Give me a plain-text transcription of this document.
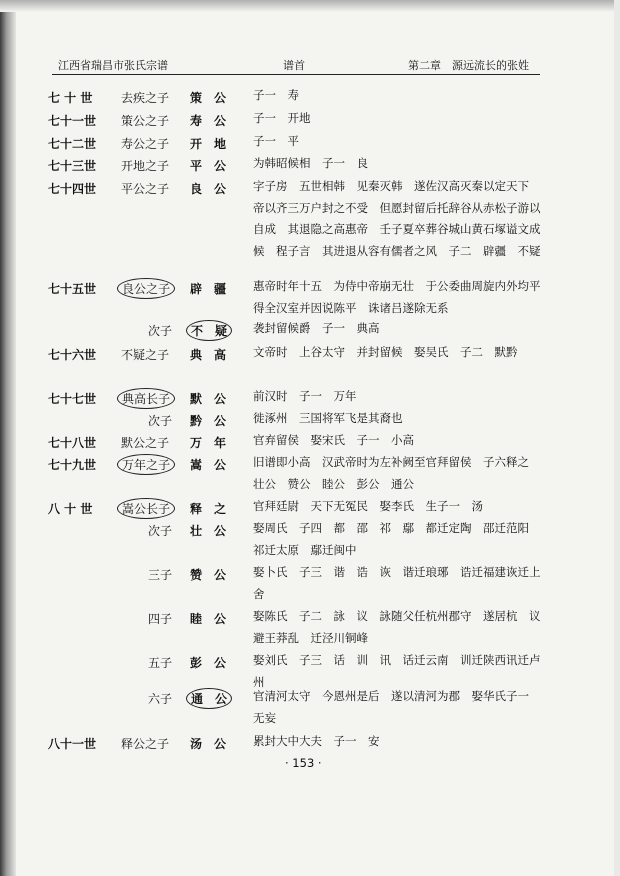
江西省瑞昌市张氏宗谱	谱首	第二章　源远流长的张姓
七 十 世 去疾之子 策　公 子一　寿
七十一世 策公之子 寿　公 子一　开地
七十二世 寿公之子 开　地 子一　平
七十三世 开地之子 平　公 为韩昭候相　子一　良
七十四世 平公之子 良　公 字子房　五世相韩　见秦灭韩　遂佐汉高灭秦以定天下　帝以齐三万户封之不受　但愿封留后托辞谷从赤松子游以自成　其退隐之高惠帝　壬子夏卒葬谷城山黄石塚谥文成候　程子言　其进退从容有儒者之风　子二　辟疆　不疑
七十五世	良公之子	辟　疆 惠帝时年十五　为侍中帝崩无壮　于公委曲周旋内外均平　得全汉室并因说陈平　诛诸吕遂除无系
次子	不　疑	袭封留候爵　子一　典高
七十六世 不疑之子 典　高 文帝时　上谷太守　并封留候　娶吴氏　子二　默黔
七十七世	典高长子	默　公 前汉时　子一　万年
次子 黔　公 徙涿州　三国将军飞是其裔也
七十八世 默公之子 万　年 官弃留侯　娶宋氏　子一　小高
七十九世	万年之子	嵩　公 旧谱即小高　汉武帝时为左补阙至官拜留侯　子六释之　壮公　赞公　睦公　彭公　通公
八 十 世	嵩公长子	释　之 官拜廷尉　天下无冤民　娶李氏　生子一　汤
次子 壮　公 娶周氏　子四　都　邵　祁　鄢　都迁定陶　邵迁范阳　祁迁太原　鄢迁闽中
三子 赞　公 娶卜氏　子三　谐　诰　诙　谐迁琅琊　诰迁福建诙迁上舍
四子 睦　公 娶陈氏　子二　詠　议　詠随父任杭州郡守　遂居杭　议避王莽乱　迁泾川铜峰
五子 彭　公 娶刘氏　子三　话　训　讯　话迁云南　训迁陕西讯迁卢州
六子	通　公	官清河太守　今恩州是后　遂以清河为郡　娶华氏子一　无妄
八十一世 释公之子 汤　公 累封大中大夫　子一　安
· 153 ·
